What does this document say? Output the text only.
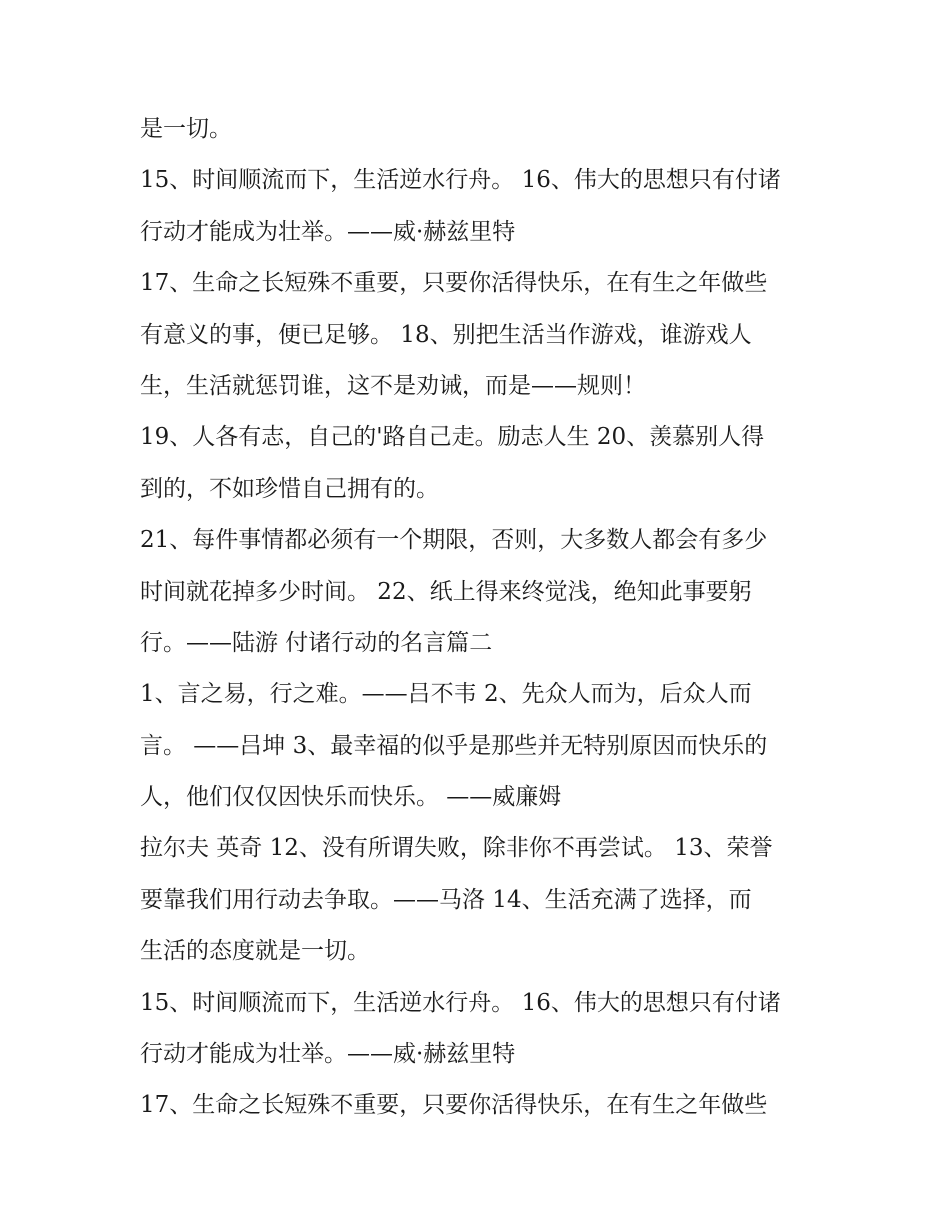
是一切。
15、时间顺流而下，生活逆水行舟。 16、伟大的思想只有付诸
行动才能成为壮举。——威·赫兹里特
17、生命之长短殊不重要，只要你活得快乐，在有生之年做些
有意义的事，便已足够。 18、别把生活当作游戏，谁游戏人
生，生活就惩罚谁，这不是劝诫，而是——规则！
19、人各有志，自己的'路自己走。励志人生 20、羡慕别人得
到的，不如珍惜自己拥有的。
21、每件事情都必须有一个期限，否则，大多数人都会有多少
时间就花掉多少时间。 22、纸上得来终觉浅，绝知此事要躬
行。——陆游 付诸行动的名言篇二
1、言之易，行之难。——吕不韦 2、先众人而为，后众人而
言。 ——吕坤 3、最幸福的似乎是那些并无特别原因而快乐的
人，他们仅仅因快乐而快乐。 ——威廉姆
拉尔夫 英奇 12、没有所谓失败，除非你不再尝试。 13、荣誉
要靠我们用行动去争取。——马洛 14、生活充满了选择，而
生活的态度就是一切。
15、时间顺流而下，生活逆水行舟。 16、伟大的思想只有付诸
行动才能成为壮举。——威·赫兹里特
17、生命之长短殊不重要，只要你活得快乐，在有生之年做些
